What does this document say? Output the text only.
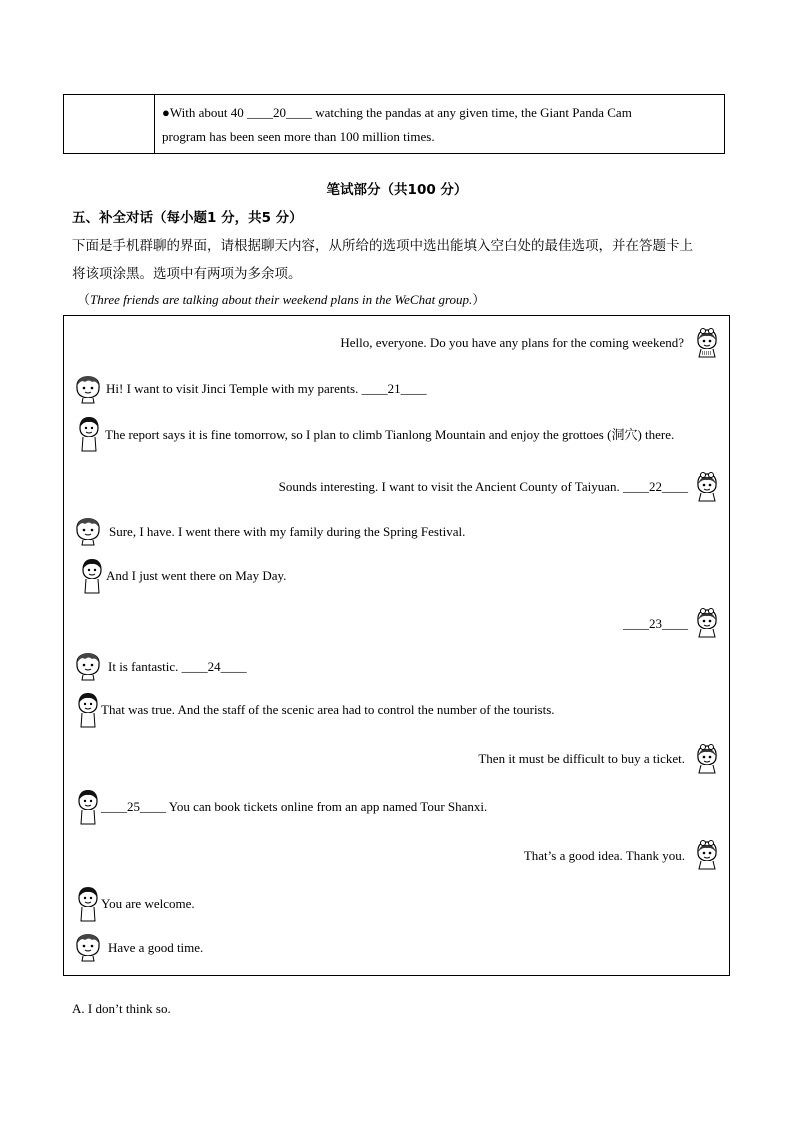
●With about 40 ____20____ watching the pandas at any given time, the Giant Panda Cam
program has been seen more than 100 million times.
笔试部分（共100 分）
五、补全对话（每小题1 分，共5 分）
下面是手机群聊的界面，请根据聊天内容，从所给的选项中选出能填入空白处的最佳选项，并在答题卡上
将该项涂黑。选项中有两项为多余项。
（Three friends are talking about their weekend plans in the WeChat group.）
Hello, everyone. Do you have any plans for the coming weekend?
Hi! I want to visit Jinci Temple with my parents. ____21____
The report says it is fine tomorrow, so I plan to climb Tianlong Mountain and enjoy the grottoes (洞穴) there.
Sounds interesting. I want to visit the Ancient County of Taiyuan. ____22____
Sure, I have. I went there with my family during the Spring Festival.
And I just went there on May Day.
____23____
It is fantastic. ____24____
That was true. And the staff of the scenic area had to control the number of the tourists.
Then it must be difficult to buy a ticket.
____25____ You can book tickets online from an app named Tour Shanxi.
That’s a good idea. Thank you.
You are welcome.
Have a good time.
A. I don’t think so.
